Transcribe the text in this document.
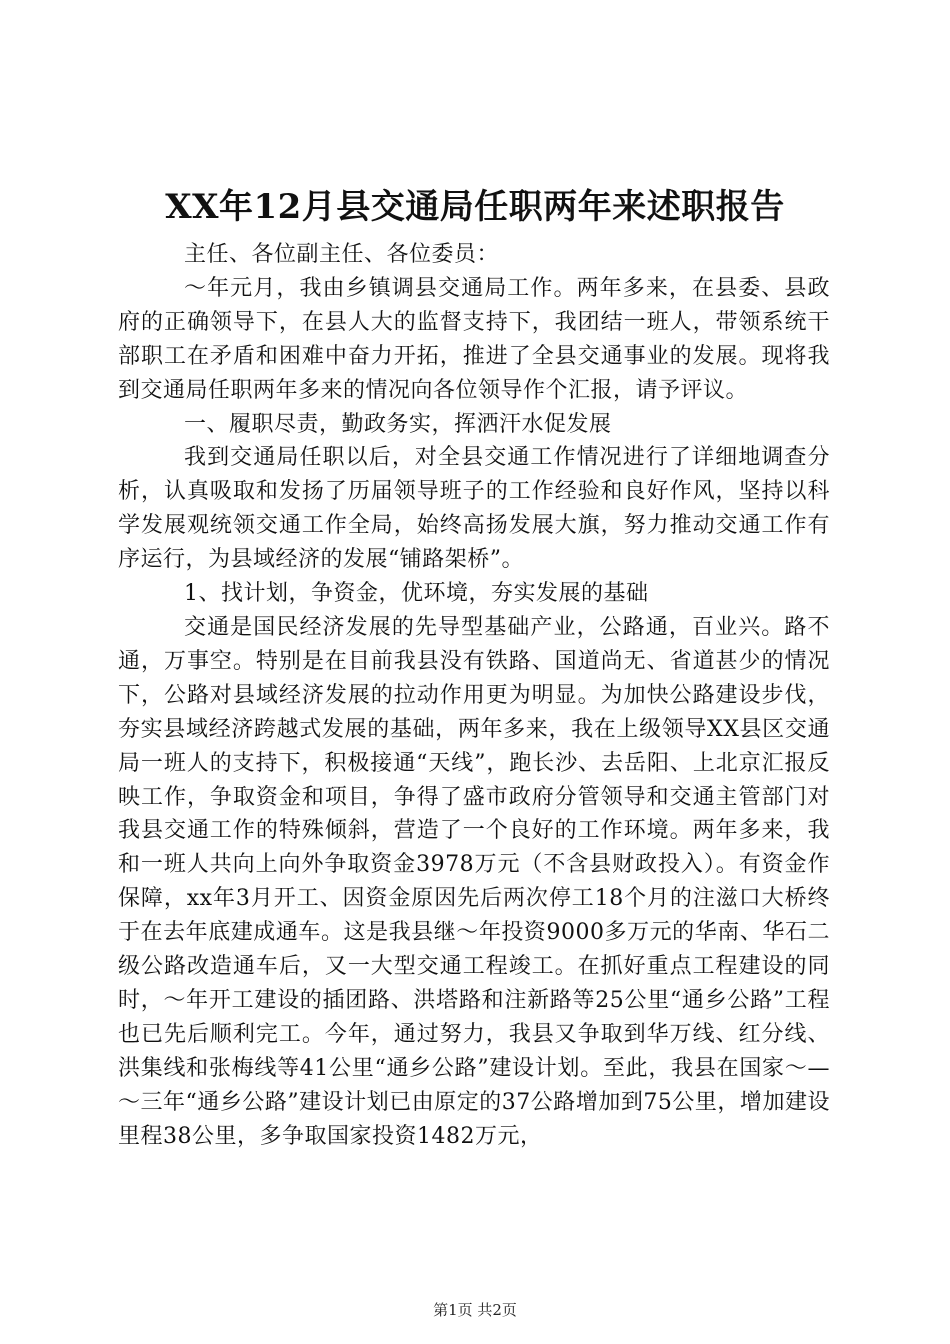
XX年12月县交通局任职两年来述职报告

主任、各位副主任、各位委员：

～年元月，我由乡镇调县交通局工作。两年多来，在县委、县政府的正确领导下，在县人大的监督支持下，我团结一班人，带领系统干部职工在矛盾和困难中奋力开拓，推进了全县交通事业的发展。现将我到交通局任职两年多来的情况向各位领导作个汇报，请予评议。

一、履职尽责，勤政务实，挥洒汗水促发展

我到交通局任职以后，对全县交通工作情况进行了详细地调查分析，认真吸取和发扬了历届领导班子的工作经验和良好作风，坚持以科学发展观统领交通工作全局，始终高扬发展大旗，努力推动交通工作有序运行，为县域经济的发展“铺路架桥”。

1、找计划，争资金，优环境，夯实发展的基础

交通是国民经济发展的先导型基础产业，公路通，百业兴。路不通，万事空。特别是在目前我县没有铁路、国道尚无、省道甚少的情况下，公路对县域经济发展的拉动作用更为明显。为加快公路建设步伐，夯实县域经济跨越式发展的基础，两年多来，我在上级领导XX县区交通局一班人的支持下，积极接通“天线”，跑长沙、去岳阳、上北京汇报反映工作，争取资金和项目，争得了盛市政府分管领导和交通主管部门对我县交通工作的特殊倾斜，营造了一个良好的工作环境。两年多来，我和一班人共向上向外争取资金3978万元（不含县财政投入）。有资金作保障，xx年3月开工、因资金原因先后两次停工18个月的注滋口大桥终于在去年底建成通车。这是我县继～年投资9000多万元的华南、华石二级公路改造通车后，又一大型交通工程竣工。在抓好重点工程建设的同时，～年开工建设的插团路、洪塔路和注新路等25公里“通乡公路”工程也已先后顺利完工。今年，通过努力，我县又争取到华万线、红分线、洪集线和张梅线等41公里“通乡公路”建设计划。至此，我县在国家～—～三年“通乡公路”建设计划已由原定的37公路增加到75公里，增加建设里程38公里，多争取国家投资1482万元，

第1页 共2页
